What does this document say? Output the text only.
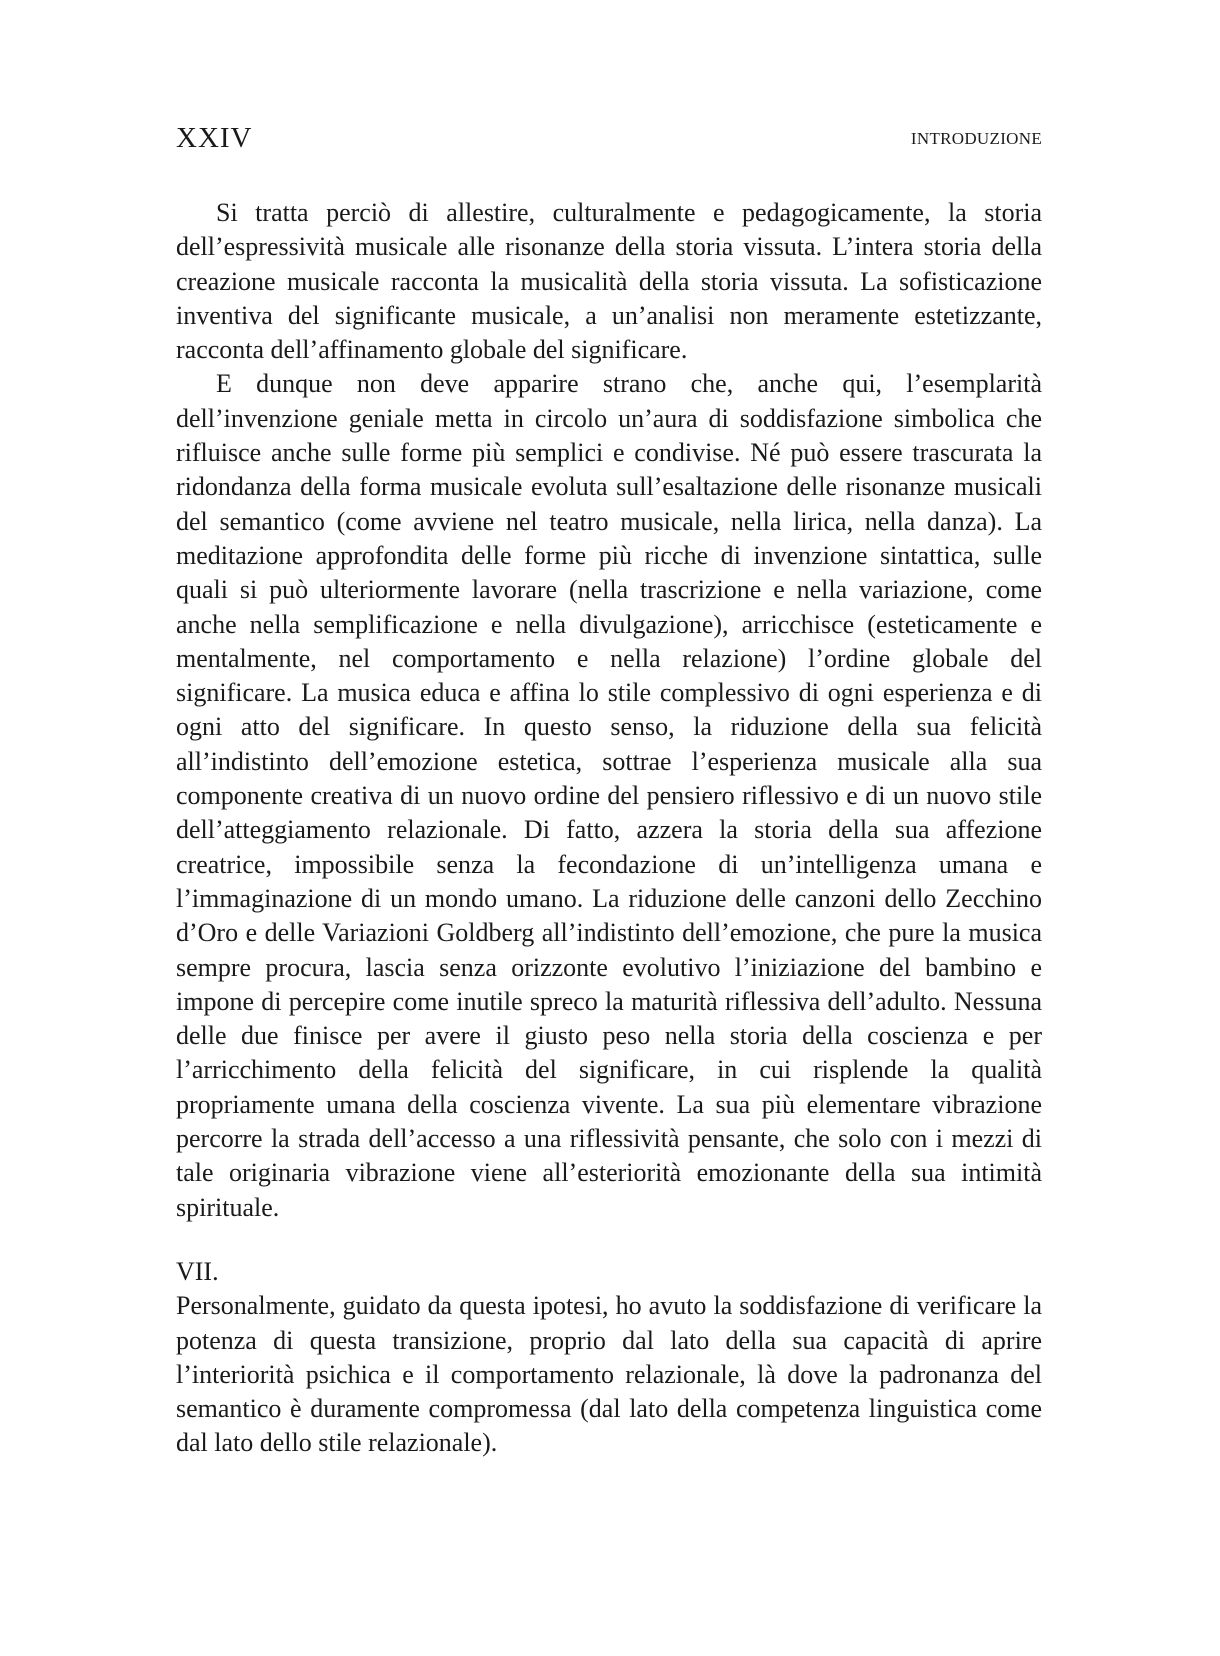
XXIV	INTRODUZIONE

Si tratta perciò di allestire, culturalmente e pedagogicamente, la storia dell’espressività musicale alle risonanze della storia vissuta. L’intera storia della creazione musicale racconta la musicalità della storia vissuta. La sofisticazione inventiva del significante musicale, a un’analisi non meramente estetizzante, racconta dell’affinamento globale del significare.

E dunque non deve apparire strano che, anche qui, l’esemplarità dell’invenzione geniale metta in circolo un’aura di soddisfazione simbolica che rifluisce anche sulle forme più semplici e condivise. Né può essere trascurata la ridondanza della forma musicale evoluta sull’esaltazione delle risonanze musicali del semantico (come avviene nel teatro musicale, nella lirica, nella danza). La meditazione approfondita delle forme più ricche di invenzione sintattica, sulle quali si può ulteriormente lavorare (nella trascrizione e nella variazione, come anche nella semplificazione e nella divulgazione), arricchisce (esteticamente e mentalmente, nel comportamento e nella relazione) l’ordine globale del significare. La musica educa e affina lo stile complessivo di ogni esperienza e di ogni atto del significare. In questo senso, la riduzione della sua felicità all’indistinto dell’emozione estetica, sottrae l’esperienza musicale alla sua componente creativa di un nuovo ordine del pensiero riflessivo e di un nuovo stile dell’atteggiamento relazionale. Di fatto, azzera la storia della sua affezione creatrice, impossibile senza la fecondazione di un’intelligenza umana e l’immaginazione di un mondo umano. La riduzione delle canzoni dello Zecchino d’Oro e delle Variazioni Goldberg all’indistinto dell’emozione, che pure la musica sempre procura, lascia senza orizzonte evolutivo l’iniziazione del bambino e impone di percepire come inutile spreco la maturità riflessiva dell’adulto. Nessuna delle due finisce per avere il giusto peso nella storia della coscienza e per l’arricchimento della felicità del significare, in cui risplende la qualità propriamente umana della coscienza vivente. La sua più elementare vibrazione percorre la strada dell’accesso a una riflessività pensante, che solo con i mezzi di tale originaria vibrazione viene all’esteriorità emozionante della sua intimità spirituale.

VII.

Personalmente, guidato da questa ipotesi, ho avuto la soddisfazione di verificare la potenza di questa transizione, proprio dal lato della sua capacità di aprire l’interiorità psichica e il comportamento relazionale, là dove la padronanza del semantico è duramente compromessa (dal lato della competenza linguistica come dal lato dello stile relazionale).
